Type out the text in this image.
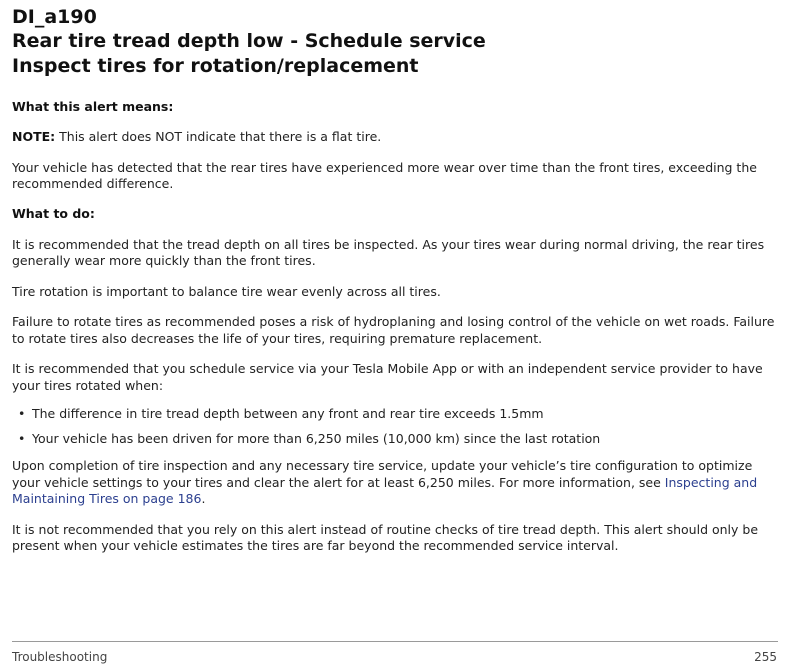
DI_a190
Rear tire tread depth low - Schedule service
Inspect tires for rotation/replacement
What this alert means:

NOTE: This alert does NOT indicate that there is a flat tire.

Your vehicle has detected that the rear tires have experienced more wear over time than the front tires, exceeding the recommended difference.

What to do:

It is recommended that the tread depth on all tires be inspected. As your tires wear during normal driving, the rear tires generally wear more quickly than the front tires.

Tire rotation is important to balance tire wear evenly across all tires.

Failure to rotate tires as recommended poses a risk of hydroplaning and losing control of the vehicle on wet roads. Failure to rotate tires also decreases the life of your tires, requiring premature replacement.

It is recommended that you schedule service via your Tesla Mobile App or with an independent service provider to have your tires rotated when:

• The difference in tire tread depth between any front and rear tire exceeds 1.5mm
• Your vehicle has been driven for more than 6,250 miles (10,000 km) since the last rotation

Upon completion of tire inspection and any necessary tire service, update your vehicle’s tire configuration to optimize your vehicle settings to your tires and clear the alert for at least 6,250 miles. For more information, see Inspecting and Maintaining Tires on page 186.

It is not recommended that you rely on this alert instead of routine checks of tire tread depth. This alert should only be present when your vehicle estimates the tires are far beyond the recommended service interval.

Troubleshooting	255
